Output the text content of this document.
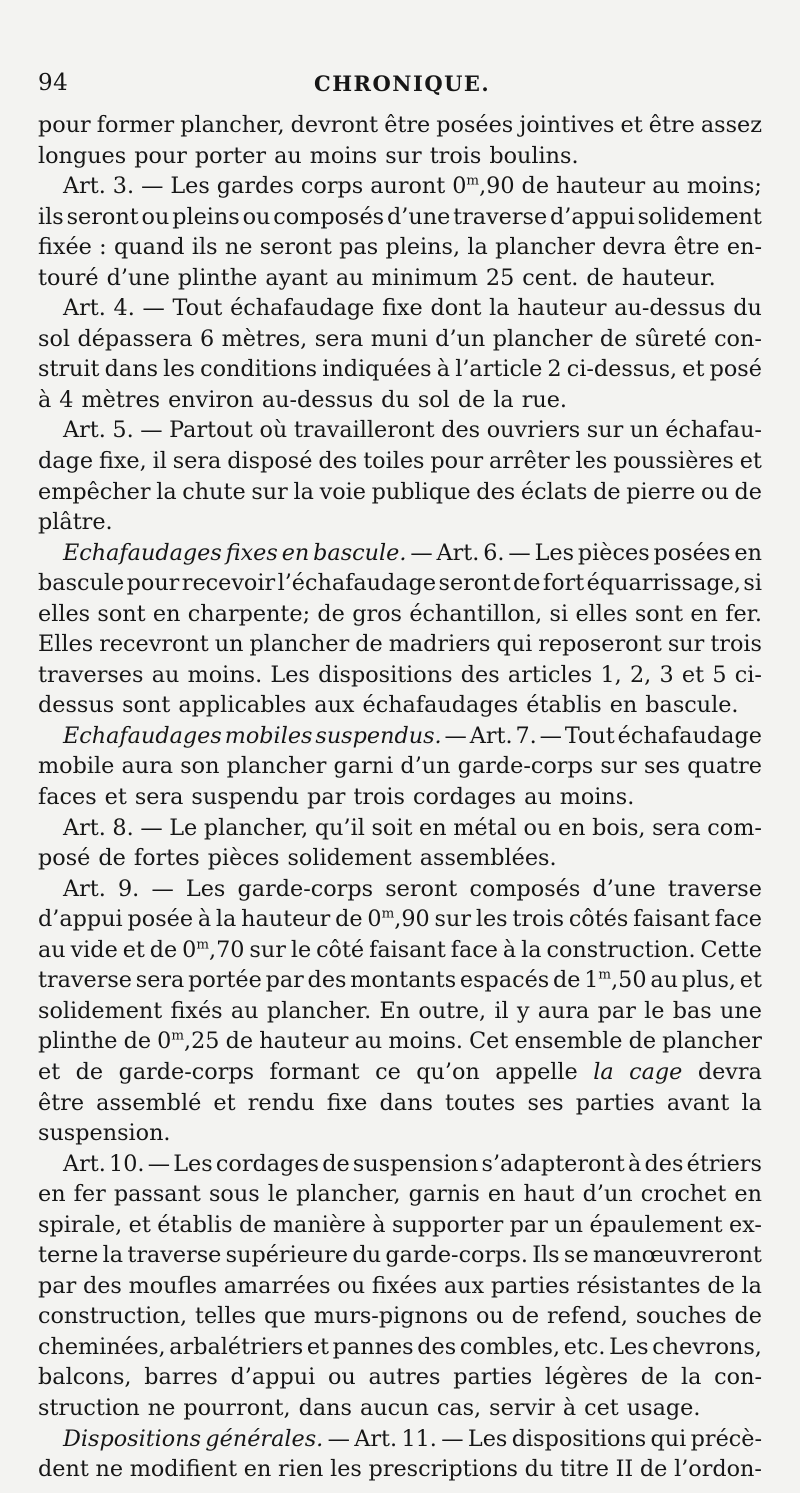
94	CHRONIQUE.
pour former plancher, devront être posées jointives et être assez
longues pour porter au moins sur trois boulins.
Art. 3. — Les gardes corps auront 0$^m$,90 de hauteur au moins;
ils seront ou pleins ou composés d’une traverse d’appui solidement
fixée : quand ils ne seront pas pleins, la plancher devra être en-
touré d’une plinthe ayant au minimum 25 cent. de hauteur.
Art. 4. — Tout échafaudage fixe dont la hauteur au-dessus du
sol dépassera 6 mètres, sera muni d’un plancher de sûreté con-
struit dans les conditions indiquées à l’article 2 ci-dessus, et posé
à 4 mètres environ au-dessus du sol de la rue.
Art. 5. — Partout où travailleront des ouvriers sur un échafau-
dage fixe, il sera disposé des toiles pour arrêter les poussières et
empêcher la chute sur la voie publique des éclats de pierre ou de
plâtre.
Echafaudages fixes en bascule. — Art. 6. — Les pièces posées en
bascule pour recevoir l’échafaudage seront de fort équarrissage, si
elles sont en charpente; de gros échantillon, si elles sont en fer.
Elles recevront un plancher de madriers qui reposeront sur trois
traverses au moins. Les dispositions des articles 1, 2, 3 et 5 ci-
dessus sont applicables aux échafaudages établis en bascule.
Echafaudages mobiles suspendus. — Art. 7. — Tout échafaudage
mobile aura son plancher garni d’un garde-corps sur ses quatre
faces et sera suspendu par trois cordages au moins.
Art. 8. — Le plancher, qu’il soit en métal ou en bois, sera com-
posé de fortes pièces solidement assemblées.
Art. 9. — Les garde-corps seront composés d’une traverse
d’appui posée à la hauteur de 0$^m$,90 sur les trois côtés faisant face
au vide et de 0$^m$,70 sur le côté faisant face à la construction. Cette
traverse sera portée par des montants espacés de 1$^m$,50 au plus, et
solidement fixés au plancher. En outre, il y aura par le bas une
plinthe de 0$^m$,25 de hauteur au moins. Cet ensemble de plancher
et de garde-corps formant ce qu’on appelle la cage devra
être assemblé et rendu fixe dans toutes ses parties avant la
suspension.
Art. 10. — Les cordages de suspension s’adapteront à des étriers
en fer passant sous le plancher, garnis en haut d’un crochet en
spirale, et établis de manière à supporter par un épaulement ex-
terne la traverse supérieure du garde-corps. Ils se manœuvreront
par des moufles amarrées ou fixées aux parties résistantes de la
construction, telles que murs-pignons ou de refend, souches de
cheminées, arbalétriers et pannes des combles, etc. Les chevrons,
balcons, barres d’appui ou autres parties légères de la con-
struction ne pourront, dans aucun cas, servir à cet usage.
Dispositions générales. — Art. 11. — Les dispositions qui précè-
dent ne modifient en rien les prescriptions du titre II de l’ordon-
